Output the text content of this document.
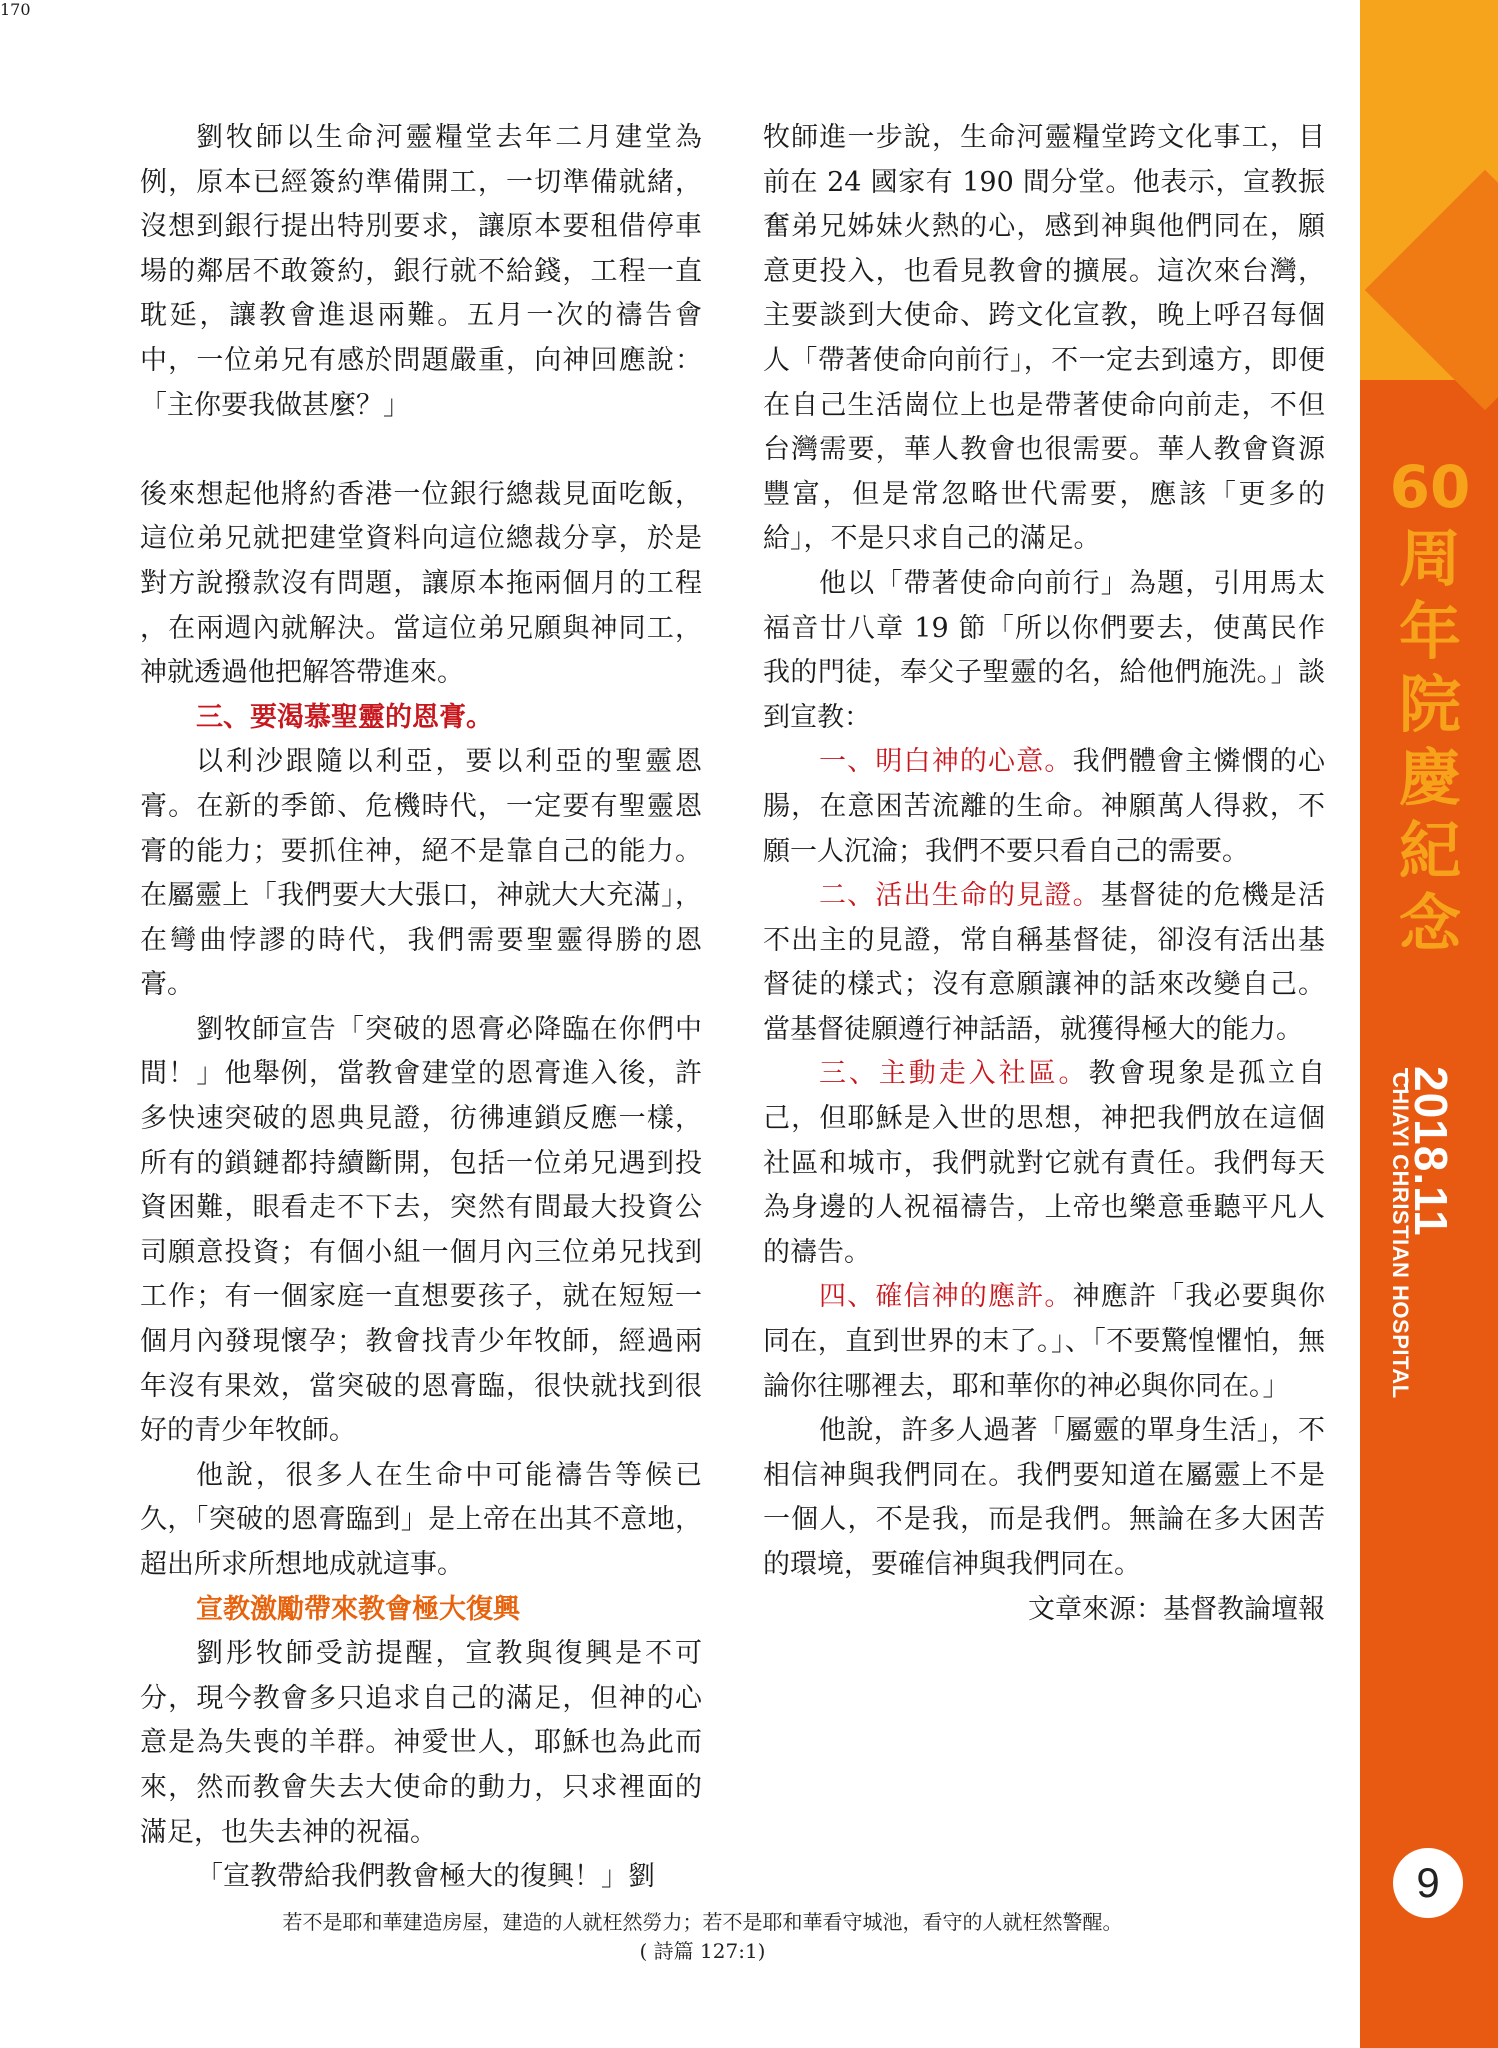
劉牧師以生命河靈糧堂去年二月建堂為例，原本已經簽約準備開工，一切準備就緒，沒想到銀行提出特別要求，讓原本要租借停車場的鄰居不敢簽約，銀行就不給錢，工程一直耽延，讓教會進退兩難。五月一次的禱告會中，一位弟兄有感於問題嚴重，向神回應說：「主你要我做甚麼？」

後來想起他將約香港一位銀行總裁見面吃飯，這位弟兄就把建堂資料向這位總裁分享，於是對方說撥款沒有問題，讓原本拖兩個月的工程 ，在兩週內就解決。當這位弟兄願與神同工，神就透過他把解答帶進來。

三、要渴慕聖靈的恩膏。

以利沙跟隨以利亞，要以利亞的聖靈恩膏。在新的季節、危機時代，一定要有聖靈恩膏的能力；要抓住神，絕不是靠自己的能力。在屬靈上「我們要大大張口，神就大大充滿」，在彎曲悖謬的時代，我們需要聖靈得勝的恩膏。

劉牧師宣告「突破的恩膏必降臨在你們中間！」他舉例，當教會建堂的恩膏進入後，許多快速突破的恩典見證，彷彿連鎖反應一樣，所有的鎖鏈都持續斷開，包括一位弟兄遇到投資困難，眼看走不下去，突然有間最大投資公司願意投資；有個小組一個月內三位弟兄找到工作；有一個家庭一直想要孩子，就在短短一個月內發現懷孕；教會找青少年牧師，經過兩年沒有果效，當突破的恩膏臨，很快就找到很好的青少年牧師。

他說，很多人在生命中可能禱告等候已久，「突破的恩膏臨到」是上帝在出其不意地，超出所求所想地成就這事。

宣教激勵帶來教會極大復興

劉彤牧師受訪提醒，宣教與復興是不可分，現今教會多只追求自己的滿足，但神的心意是為失喪的羊群。神愛世人，耶穌也為此而來，然而教會失去大使命的動力，只求裡面的滿足，也失去神的祝福。

「宣教帶給我們教會極大的復興！」劉

牧師進一步說，生命河靈糧堂跨文化事工，目前在 24 國家有 190 間分堂。他表示，宣教振奮弟兄姊妹火熱的心，感到神與他們同在，願意更投入，也看見教會的擴展。這次來台灣，主要談到大使命、跨文化宣教，晚上呼召每個人「帶著使命向前行」，不一定去到遠方，即便在自己生活崗位上也是帶著使命向前走，不但台灣需要，華人教會也很需要。華人教會資源豐富，但是常忽略世代需要，應該「更多的給」，不是只求自己的滿足。

他以「帶著使命向前行」為題，引用馬太福音廿八章 19 節「所以你們要去，使萬民作我的門徒，奉父子聖靈的名，給他們施洗。」談到宣教：

一、明白神的心意。我們體會主憐憫的心腸，在意困苦流離的生命。神願萬人得救，不願一人沉淪；我們不要只看自己的需要。

二、活出生命的見證。基督徒的危機是活不出主的見證，常自稱基督徒，卻沒有活出基督徒的樣式；沒有意願讓神的話來改變自己。當基督徒願遵行神話語，就獲得極大的能力。

三、主動走入社區。教會現象是孤立自己，但耶穌是入世的思想，神把我們放在這個社區和城市，我們就對它就有責任。我們每天為身邊的人祝福禱告，上帝也樂意垂聽平凡人的禱告。

四、確信神的應許。神應許「我必要與你同在，直到世界的末了。」、「不要驚惶懼怕，無論你往哪裡去，耶和華你的神必與你同在。」

他說，許多人過著「屬靈的單身生活」，不相信神與我們同在。我們要知道在屬靈上不是一個人，不是我，而是我們。無論在多大困苦的環境，要確信神與我們同在。

文章來源：基督教論壇報

若不是耶和華建造房屋，建造的人就枉然勞力；若不是耶和華看守城池，看守的人就枉然警醒。
( 詩篇 127:1)
170
60
周
年
院
慶
紀
念
2018.11
CHIAYI CHRISTIAN HOSPITAL
9
